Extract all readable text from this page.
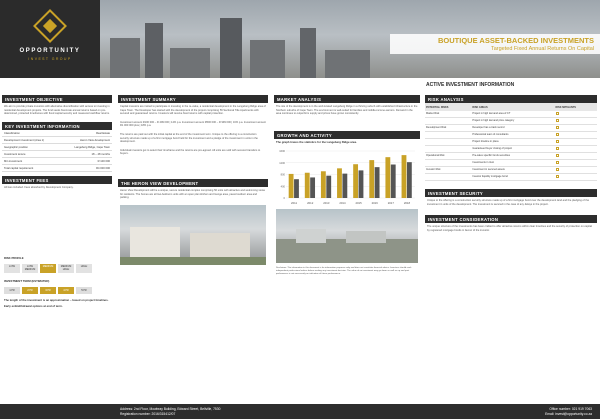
OPPORTUNITY
INVEST GROUP
BOUTIQUE ASSET-BACKED INVESTMENTS
Targeted Fixed Annual Returns On Capital
ACTIVE INVESTMENT INFORMATION
INVESTMENT OBJECTIVE
We aim to provide private investors with alternative diversification with access to investing in residential development projects. The fund seeks fixed-rate annual returns based on pre-determined, protected timeframes with fixed capital security and measured cashflow returns.
KEY INVESTMENT INFORMATION
Classification	Real Estate
Development investment (Area 1)	Heron View development
Geographic position	Langeberg Ridge, Cape Town
Investment tenure	18 – 48 months
Min investment	R 100 000
Total capital requirement	R4 000 000
INVESTMENT FEES
All fees included. Fees absorbed by Development Company.
RISK PROFILE
LOW	LOW MEDIUM
MEDIUM	MEDIUM HIGH
HIGH
INVESTMENT TERM (ESTIMATED)
1YR	2YR	3YR	4YR	5YR
The length of the investment is an approximation – based on project timelines.
Early exit/withdrawal options at end of term.
INVESTMENT SUMMARY
Capital investors are invited to participate in investing in the re-value, a residential development in the Langeberg Ridge area of Cape Town. The Developer has started with the development of the project comprising 56 Sectional Title Apartments with secured and guaranteed returns. Investors will receive fixed returns with capital protection.
Investment amount R100 000 – R 499 000 | 14% p.a. Investment amount R500 000 – R 999 000 | 16% p.a. Investment amount R1 000 000 plus | 18% p.a.
The returns are paid out with the initial capital at the end of the investment term. Unique to the offering is a construction security structure made up of a first mortgage bond held for the investment and a pledge of the investment in units in the development.
Individual investors get to select their timeframe and the returns are pre-agreed. All units are sold with secured transfers to buyers.
THE HERON VIEW DEVELOPMENT
Heron View Development will be a unique, secure residential complex comprising 56 units with attractive and welcoming views for residents. The homes are all two-bedroom units with an open plan kitchen and lounge area, paved outdoor area and parking.
MARKET ANALYSIS
The site of the development is in the well-located Langeberg Ridge in a thriving suburb with established infrastructure in the Northern suburbs of Cape Town. The environment is well-suited for families and middle-income earners. Demand in the area continues to outperform supply and prices have grown consistently.
GROWTH AND ACTIVITY
The graph traces the statistics for the Langeberg Ridge area.
0
400
800
1200
1600
2011	2012	2013	2014	2015	2016	2017	2018
Disclaimer: The information in this document is for information purposes only and does not constitute financial advice. Investors should seek independent professional advice before making any investment decision. The value of an investment may go down as well as up and past performance is not necessarily an indication of future performance.
RISK ANALYSIS
POTENTIAL RISKS	RISK AREAS	RISK MITIGANTS
Market Risk	Project in high demand area of CT	
	Project in high demand price category	
Development Risk	Developer has a track record	
	Professional team of consultants	
	Project timeline in place	
	Guaranteed buyer closing of project	
Operational Risk	Pre-sales specific funds securities	
	Investments in trust	
Investor Risk	Investment in secured assets	
	Investor liquidity mortgage bond	
INVESTMENT SECURITY
Unique to the offering is a construction security structure made up of a first mortgage bond over the development land and the pledging of the investment in units of the development. The investment is secured in the case of any delays in the project.
INVESTMENT CONSIDERATION
The unique structure of the investments has been crafted to offer attractive returns within clear timelines and the security of protection on capital by registered mortgage bonds in favour of the investor.
Address: 2nd Floor, Mowbray Building, Edward Street, Bellville, 7530
Registration number: 2016/315412/07
Office number: 021 919 7063
Email: invest@opportunity.co.za
